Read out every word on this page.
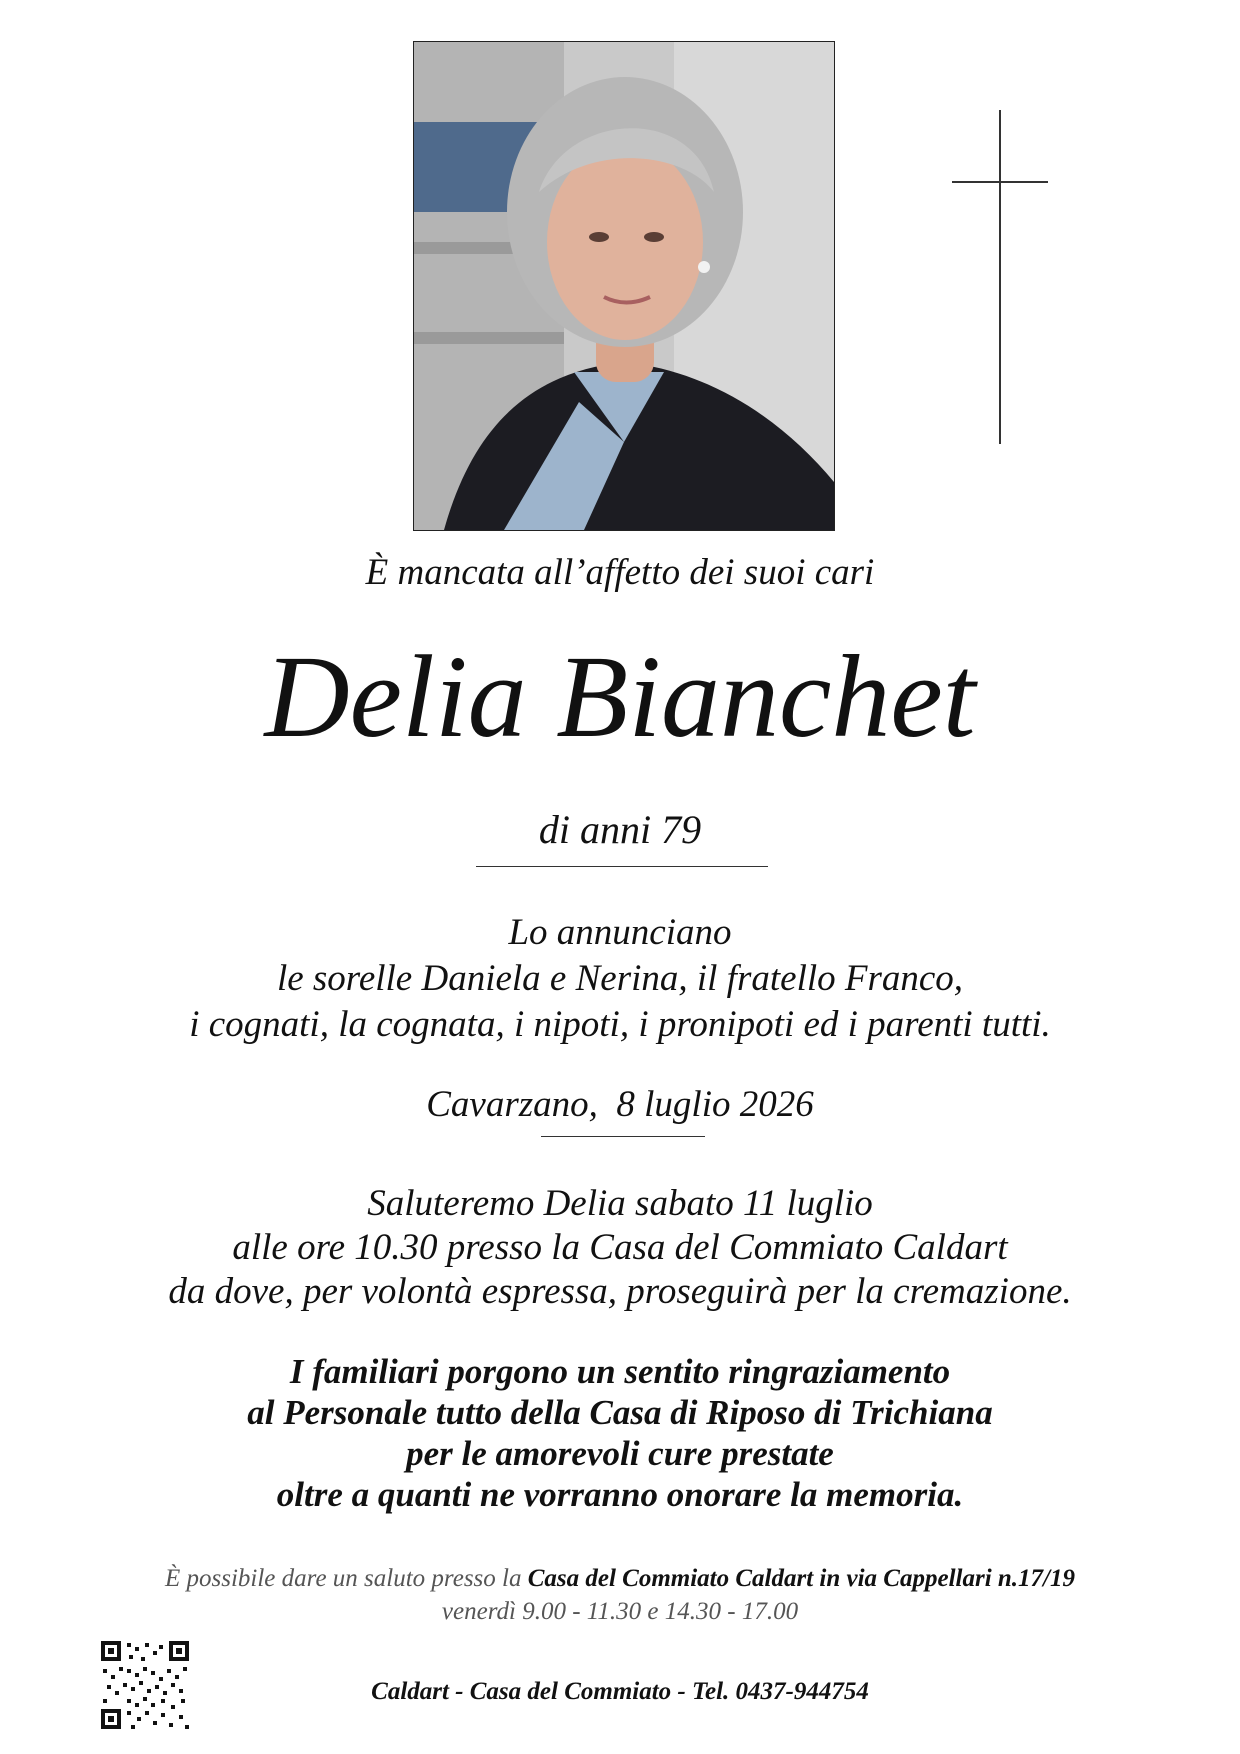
È mancata all’affetto dei suoi cari
Delia Bianchet
di anni 79
Lo annunciano
le sorelle Daniela e Nerina, il fratello Franco,
i cognati, la cognata, i nipoti, i pronipoti ed i parenti tutti.
Cavarzano,  8 luglio 2026
Saluteremo Delia sabato 11 luglio
alle ore 10.30 presso la Casa del Commiato Caldart
da dove, per volontà espressa, proseguirà per la cremazione.
I familiari porgono un sentito ringraziamento
al Personale tutto della Casa di Riposo di Trichiana
per le amorevoli cure prestate
oltre a quanti ne vorranno onorare la memoria.
È possibile dare un saluto presso la Casa del Commiato Caldart in via Cappellari n.17/19
venerdì 9.00 - 11.30 e 14.30 - 17.00
Caldart - Casa del Commiato - Tel. 0437-944754
